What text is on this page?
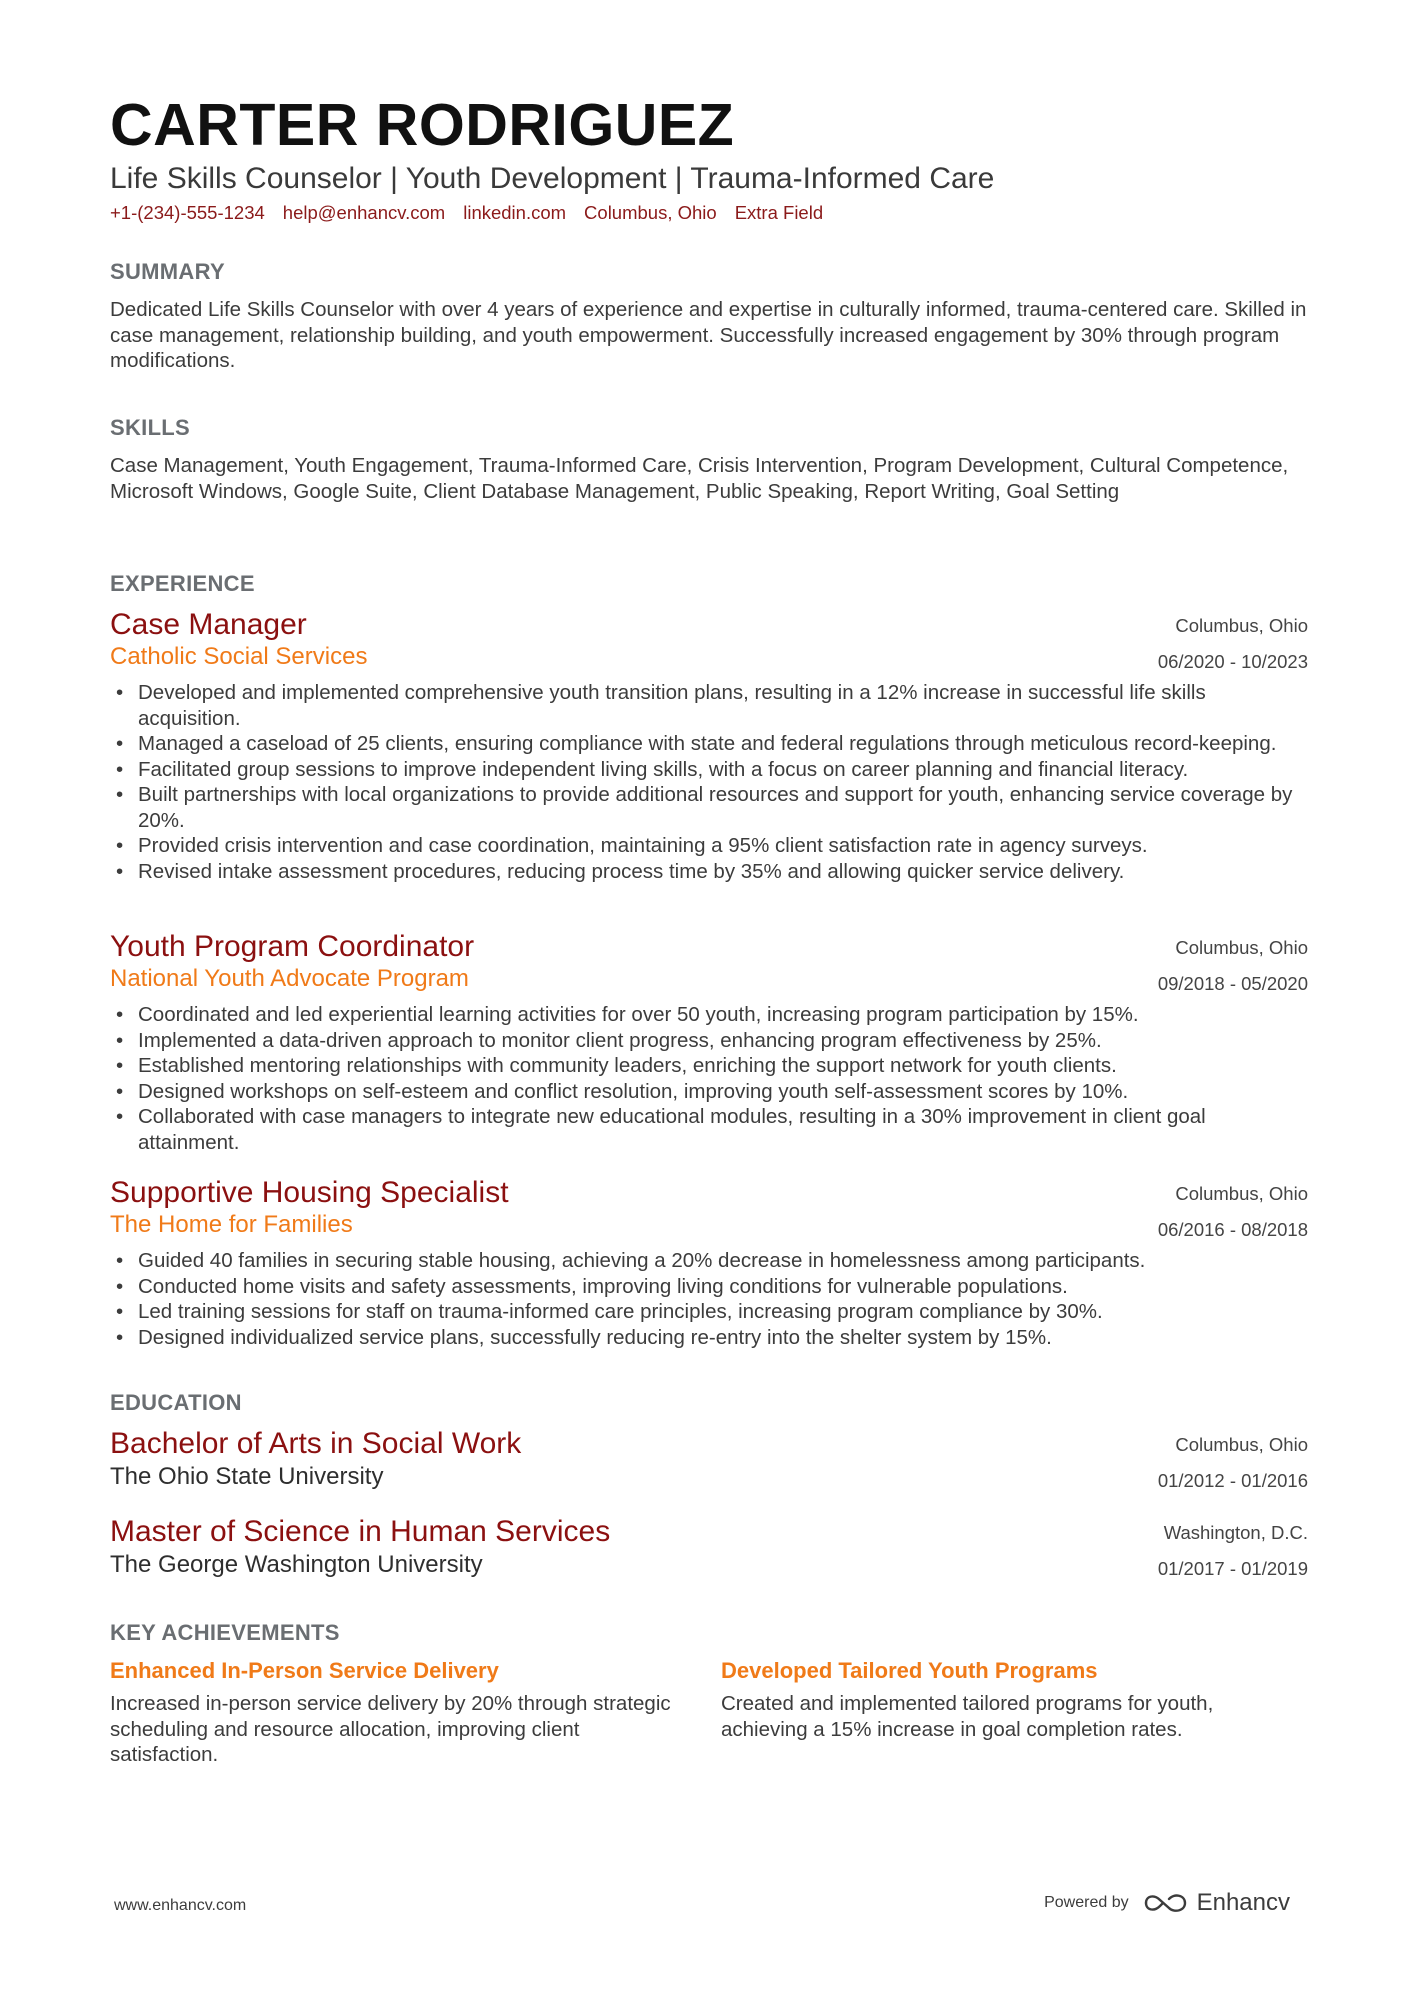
CARTER RODRIGUEZ
Life Skills Counselor | Youth Development | Trauma-Informed Care
+1-(234)-555-1234 help@enhancv.com linkedin.com Columbus, Ohio Extra Field
SUMMARY

Dedicated Life Skills Counselor with over 4 years of experience and expertise in culturally informed, trauma-centered care. Skilled in case management, relationship building, and youth empowerment. Successfully increased engagement by 30% through program modifications.

SKILLS

Case Management, Youth Engagement, Trauma-Informed Care, Crisis Intervention, Program Development, Cultural Competence, Microsoft Windows, Google Suite, Client Database Management, Public Speaking, Report Writing, Goal Setting

EXPERIENCE
Case Manager
Catholic Social Services
Columbus, Ohio
06/2020 - 10/2023
• Developed and implemented comprehensive youth transition plans, resulting in a 12% increase in successful life skills acquisition.
• Managed a caseload of 25 clients, ensuring compliance with state and federal regulations through meticulous record-keeping.
• Facilitated group sessions to improve independent living skills, with a focus on career planning and financial literacy.
• Built partnerships with local organizations to provide additional resources and support for youth, enhancing service coverage by 20%.
• Provided crisis intervention and case coordination, maintaining a 95% client satisfaction rate in agency surveys.
• Revised intake assessment procedures, reducing process time by 35% and allowing quicker service delivery.
Youth Program Coordinator
National Youth Advocate Program
Columbus, Ohio
09/2018 - 05/2020
• Coordinated and led experiential learning activities for over 50 youth, increasing program participation by 15%.
• Implemented a data-driven approach to monitor client progress, enhancing program effectiveness by 25%.
• Established mentoring relationships with community leaders, enriching the support network for youth clients.
• Designed workshops on self-esteem and conflict resolution, improving youth self-assessment scores by 10%.
• Collaborated with case managers to integrate new educational modules, resulting in a 30% improvement in client goal attainment.
Supportive Housing Specialist
The Home for Families
Columbus, Ohio
06/2016 - 08/2018
• Guided 40 families in securing stable housing, achieving a 20% decrease in homelessness among participants.
• Conducted home visits and safety assessments, improving living conditions for vulnerable populations.
• Led training sessions for staff on trauma-informed care principles, increasing program compliance by 30%.
• Designed individualized service plans, successfully reducing re-entry into the shelter system by 15%.
EDUCATION
Bachelor of Arts in Social Work
The Ohio State University
Columbus, Ohio
01/2012 - 01/2016
Master of Science in Human Services
The George Washington University
Washington, D.C.
01/2017 - 01/2019
KEY ACHIEVEMENTS
Enhanced In-Person Service Delivery

Increased in-person service delivery by 20% through strategic scheduling and resource allocation, improving client satisfaction.

Developed Tailored Youth Programs

Created and implemented tailored programs for youth, achieving a 15% increase in goal completion rates.

www.enhancv.com	Powered by	Enhancv
